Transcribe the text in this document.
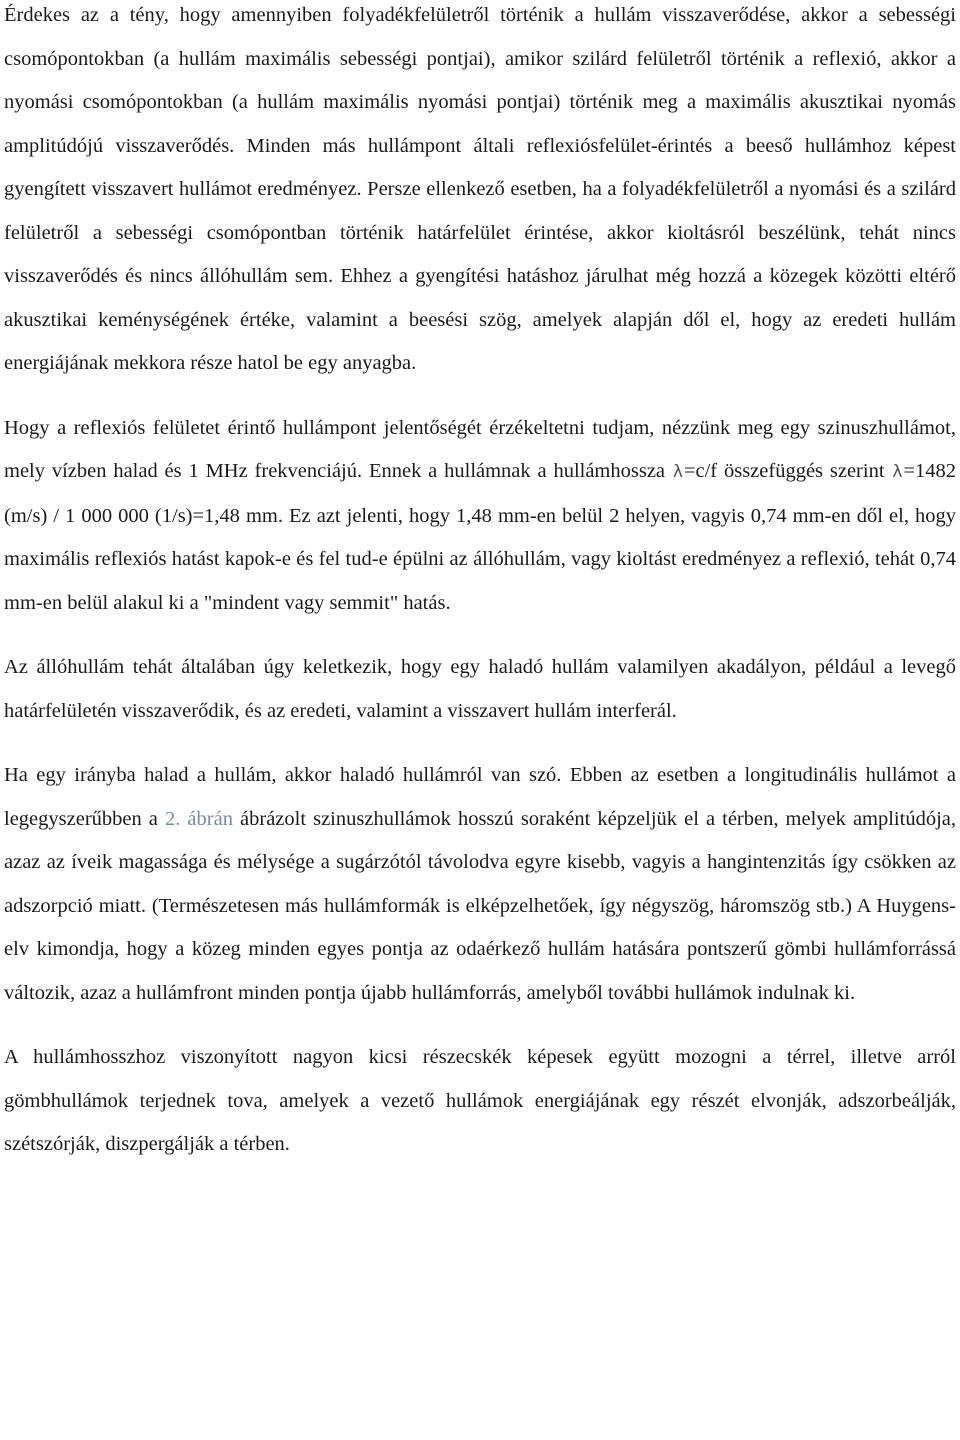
Érdekes az a tény, hogy amennyiben folyadékfelületről történik a hullám visszaverődése, akkor a sebességi csomópontokban (a hullám maximális sebességi pontjai), amikor szilárd felületről történik a reflexió, akkor a nyomási csomópontokban (a hullám maximális nyomási pontjai) történik meg a maximális akusztikai nyomás amplitúdójú visszaverődés. Minden más hullámpont általi reflexiósfelület-érintés a beeső hullámhoz képest gyengített visszavert hullámot eredményez. Persze ellenkező esetben, ha a folyadékfelületről a nyomási és a szilárd felületről a sebességi csomópontban történik határfelület érintése, akkor kioltásról beszélünk, tehát nincs visszaverődés és nincs állóhullám sem. Ehhez a gyengítési hatáshoz járulhat még hozzá a közegek közötti eltérő akusztikai keménységének értéke, valamint a beesési szög, amelyek alapján dől el, hogy az eredeti hullám energiájának mekkora része hatol be egy anyagba.

Hogy a reflexiós felületet érintő hullámpont jelentőségét érzékeltetni tudjam, nézzünk meg egy szinuszhullámot, mely vízben halad és 1 MHz frekvenciájú. Ennek a hullámnak a hullámhossza λ=c/f összefüggés szerint λ=1482 (m/s) / 1 000 000 (1/s)=1,48 mm. Ez azt jelenti, hogy 1,48 mm-en belül 2 helyen, vagyis 0,74 mm-en dől el, hogy maximális reflexiós hatást kapok-e és fel tud-e épülni az állóhullám, vagy kioltást eredményez a reflexió, tehát 0,74 mm-en belül alakul ki a "mindent vagy semmit" hatás.

Az állóhullám tehát általában úgy keletkezik, hogy egy haladó hullám valamilyen akadályon, például a levegő határfelületén visszaverődik, és az eredeti, valamint a visszavert hullám interferál.

Ha egy irányba halad a hullám, akkor haladó hullámról van szó. Ebben az esetben a longitudinális hullámot a legegyszerűbben a 2. ábrán ábrázolt szinuszhullámok hosszú soraként képzeljük el a térben, melyek amplitúdója, azaz az íveik magassága és mélysége a sugárzótól távolodva egyre kisebb, vagyis a hangintenzitás így csökken az adszorpció miatt. (Természetesen más hullámformák is elképzelhetőek, így négyszög, háromszög stb.) A Huygens-elv kimondja, hogy a közeg minden egyes pontja az odaérkező hullám hatására pontszerű gömbi hullámforrássá változik, azaz a hullámfront minden pontja újabb hullámforrás, amelyből további hullámok indulnak ki.

A hullámhosszhoz viszonyított nagyon kicsi részecskék képesek együtt mozogni a térrel, illetve arról gömbhullámok terjednek tova, amelyek a vezető hullámok energiájának egy részét elvonják, adszorbeálják, szétszórják, diszpergálják a térben.
